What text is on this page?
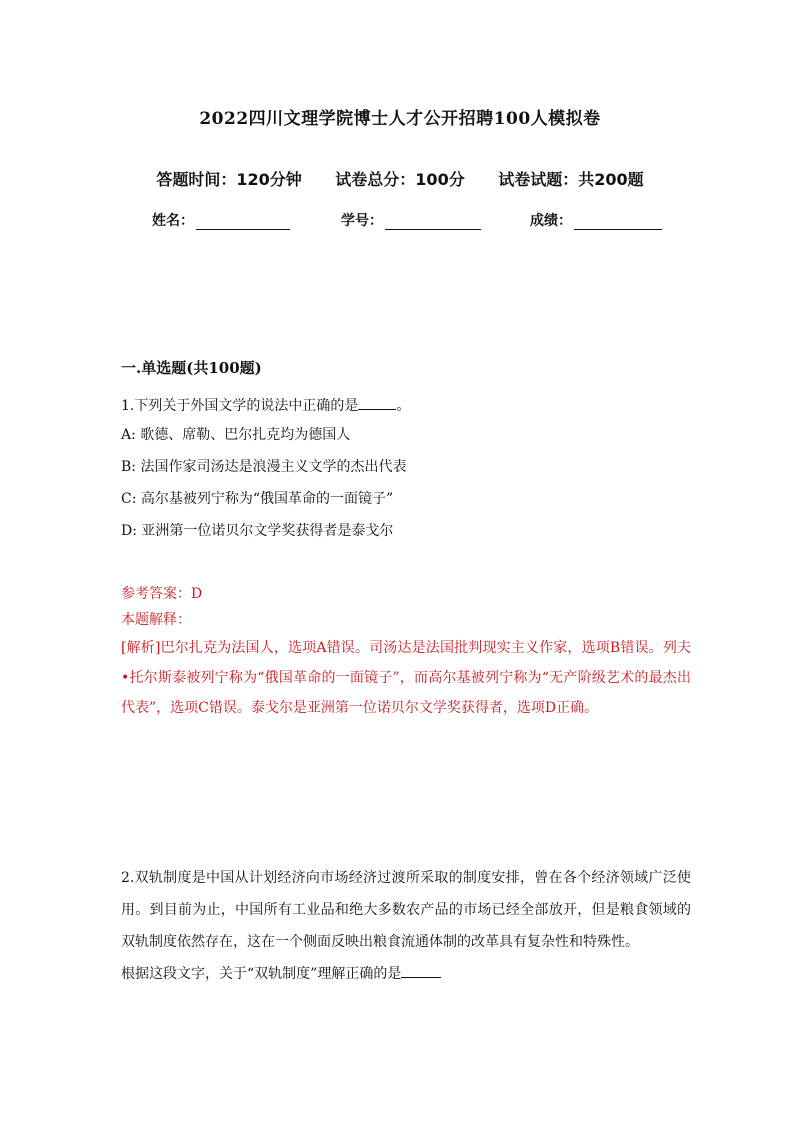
2022四川文理学院博士人才公开招聘100人模拟卷
答题时间：120分钟 试卷总分：100分 试卷试题：共200题
姓名：	学号：	成绩：
一.单选题(共100题)

1.下列关于外国文学的说法中正确的是	。

A: 歌德、席勒、巴尔扎克均为德国人

B: 法国作家司汤达是浪漫主义文学的杰出代表

C: 高尔基被列宁称为“俄国革命的一面镜子”

D: 亚洲第一位诺贝尔文学奖获得者是泰戈尔

参考答案：D

本题解释：

[解析]巴尔扎克为法国人，选项A错误。司汤达是法国批判现实主义作家，选项B错误。列夫•托尔斯泰被列宁称为“俄国革命的一面镜子”，而高尔基被列宁称为“无产阶级艺术的最杰出代表”，选项C错误。泰戈尔是亚洲第一位诺贝尔文学奖获得者，选项D正确。

2.双轨制度是中国从计划经济向市场经济过渡所采取的制度安排，曾在各个经济领域广泛使用。到目前为止，中国所有工业品和绝大多数农产品的市场已经全部放开，但是粮食领域的双轨制度依然存在，这在一个侧面反映出粮食流通体制的改革具有复杂性和特殊性。

根据这段文字，关于“双轨制度”理解正确的是
